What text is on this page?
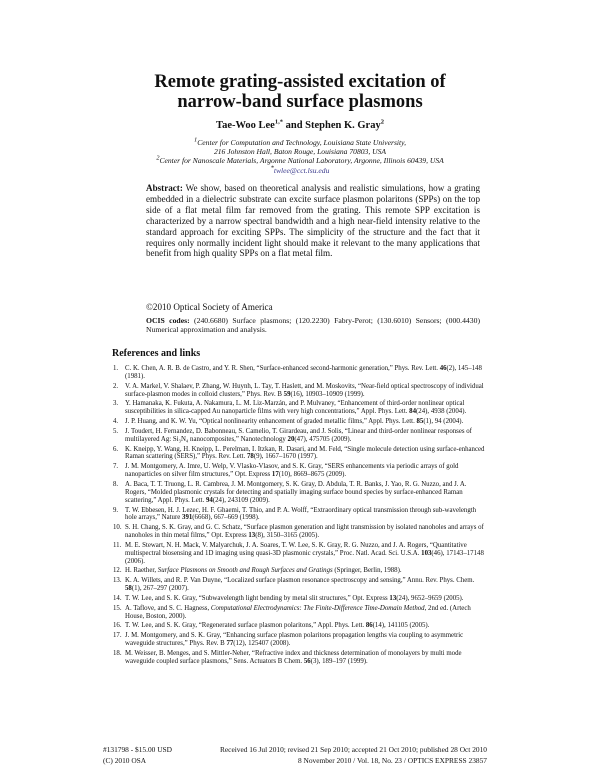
Remote grating-assisted excitation of
narrow-band surface plasmons
Tae-Woo Lee$^{1,*}$ and Stephen K. Gray$^2$
$^1$Center for Computation and Technology, Louisiana State University,
216 Johnston Hall, Baton Rouge, Louisiana 70803, USA
$^2$Center for Nanoscale Materials, Argonne National Laboratory, Argonne, Illinois 60439, USA
*twlee@cct.lsu.edu
Abstract: We show, based on theoretical analysis and realistic simulations, how a grating embedded in a dielectric substrate can excite surface plasmon polaritons (SPPs) on the top side of a flat metal film far removed from the grating. This remote SPP excitation is characterized by a narrow spectral bandwidth and a high near-field intensity relative to the standard approach for exciting SPPs. The simplicity of the structure and the fact that it requires only normally incident light should make it relevant to the many applications that benefit from high quality SPPs on a flat metal film.
©2010 Optical Society of America
OCIS codes: (240.6680) Surface plasmons; (120.2230) Fabry-Perot; (130.6010) Sensors; (000.4430) Numerical approximation and analysis.
References and links
1. C. K. Chen, A. R. B. de Castro, and Y. R. Shen, “Surface-enhanced second-harmonic generation,” Phys. Rev. Lett. 46(2), 145–148 (1981).
2. V. A. Markel, V. Shalaev, P. Zhang, W. Huynh, L. Tay, T. Haslett, and M. Moskovits, “Near-field optical spectroscopy of individual surface-plasmon modes in colloid clusters,” Phys. Rev. B 59(16), 10903–10909 (1999).
3. Y. Hamanaka, K. Fukuta, A. Nakamura, L. M. Liz-Marzán, and P. Mulvaney, “Enhancement of third-order nonlinear optical susceptibilities in silica-capped Au nanoparticle films with very high concentrations,” Appl. Phys. Lett. 84(24), 4938 (2004).
4. J. P. Huang, and K. W. Yu, “Optical nonlinearity enhancement of graded metallic films,” Appl. Phys. Lett. 85(1), 94 (2004).
5. J. Toudert, H. Fernandez, D. Babonneau, S. Camelio, T. Girardeau, and J. Solis, “Linear and third-order nonlinear responses of multilayered Ag: Si₃N₄ nanocomposites,” Nanotechnology 20(47), 475705 (2009).
6. K. Kneipp, Y. Wang, H. Kneipp, L. Perelman, I. Itzkan, R. Dasari, and M. Feld, “Single molecule detection using surface-enhanced Raman scattering (SERS),” Phys. Rev. Lett. 78(9), 1667–1670 (1997).
7. J. M. Montgomery, A. Imre, U. Welp, V. Vlasko-Vlasov, and S. K. Gray, “SERS enhancements via periodic arrays of gold nanoparticles on silver film structures,” Opt. Express 17(10), 8669–8675 (2009).
8. A. Baca, T. T. Truong, L. R. Cambrea, J. M. Montgomery, S. K. Gray, D. Abdula, T. R. Banks, J. Yao, R. G. Nuzzo, and J. A. Rogers, “Molded plasmonic crystals for detecting and spatially imaging surface bound species by surface-enhanced Raman scattering,” Appl. Phys. Lett. 94(24), 243109 (2009).
9. T. W. Ebbesen, H. J. Lezec, H. F. Ghaemi, T. Thio, and P. A. Wolff, “Extraordinary optical transmission through sub-wavelength hole arrays,” Nature 391(6668), 667–669 (1998).
10. S. H. Chang, S. K. Gray, and G. C. Schatz, “Surface plasmon generation and light transmission by isolated nanoholes and arrays of nanoholes in thin metal films,” Opt. Express 13(8), 3150–3165 (2005).
11. M. E. Stewart, N. H. Mack, V. Malyarchuk, J. A. Soares, T. W. Lee, S. K. Gray, R. G. Nuzzo, and J. A. Rogers, “Quantitative multispectral biosensing and 1D imaging using quasi-3D plasmonic crystals,” Proc. Natl. Acad. Sci. U.S.A. 103(46), 17143–17148 (2006).
12. H. Raether, Surface Plasmons on Smooth and Rough Surfaces and Gratings (Springer, Berlin, 1988).
13. K. A. Willets, and R. P. Van Duyne, “Localized surface plasmon resonance spectroscopy and sensing,” Annu. Rev. Phys. Chem. 58(1), 267–297 (2007).
14. T. W. Lee, and S. K. Gray, “Subwavelength light bending by metal slit structures,” Opt. Express 13(24), 9652–9659 (2005).
15. A. Taflove, and S. C. Hagness, Computational Electrodynamics: The Finite-Difference Time-Domain Method, 2nd ed. (Artech House, Boston, 2000).
16. T. W. Lee, and S. K. Gray, “Regenerated surface plasmon polaritons,” Appl. Phys. Lett. 86(14), 141105 (2005).
17. J. M. Montgomery, and S. K. Gray, “Enhancing surface plasmon polaritons propagation lengths via coupling to asymmetric waveguide structures,” Phys. Rev. B 77(12), 125407 (2008).
18. M. Weisser, B. Menges, and S. Mittler-Neher, “Refractive index and thickness determination of monolayers by multi mode waveguide coupled surface plasmons,” Sens. Actuators B Chem. 56(3), 189–197 (1999).
#131798 - $15.00 USD	Received 16 Jul 2010; revised 21 Sep 2010; accepted 21 Oct 2010; published 28 Oct 2010
(C) 2010 OSA	8 November 2010 / Vol. 18, No. 23 / OPTICS EXPRESS 23857
